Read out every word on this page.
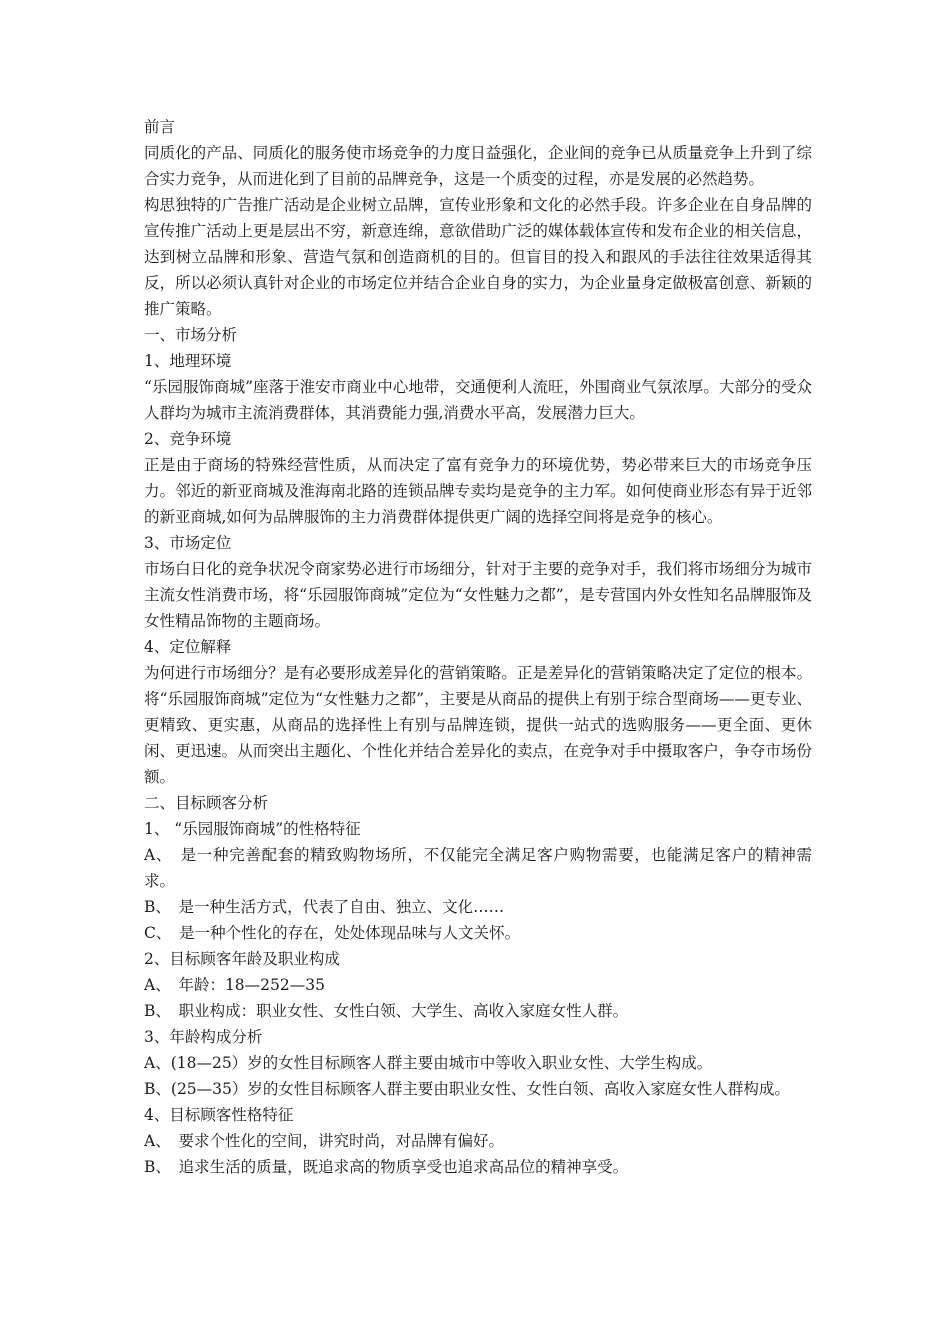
前言

同质化的产品、同质化的服务使市场竞争的力度日益强化，企业间的竞争已从质量竞争上升到了综合实力竞争，从而进化到了目前的品牌竞争，这是一个质变的过程，亦是发展的必然趋势。

构思独特的广告推广活动是企业树立品牌，宣传业形象和文化的必然手段。许多企业在自身品牌的宣传推广活动上更是层出不穷，新意连绵，意欲借助广泛的媒体载体宣传和发布企业的相关信息，达到树立品牌和形象、营造气氛和创造商机的目的。但盲目的投入和跟风的手法往往效果适得其反，所以必须认真针对企业的市场定位并结合企业自身的实力，为企业量身定做极富创意、新颖的推广策略。

一、市场分析

1、地理环境

“乐园服饰商城”座落于淮安市商业中心地带，交通便利人流旺，外围商业气氛浓厚。大部分的受众人群均为城市主流消费群体，其消费能力强,消费水平高，发展潜力巨大。

2、竞争环境

正是由于商场的特殊经营性质，从而决定了富有竞争力的环境优势，势必带来巨大的市场竞争压力。邻近的新亚商城及淮海南北路的连锁品牌专卖均是竞争的主力军。如何使商业形态有异于近邻的新亚商城,如何为品牌服饰的主力消费群体提供更广阔的选择空间将是竞争的核心。

3、市场定位

市场白日化的竞争状况令商家势必进行市场细分，针对于主要的竞争对手，我们将市场细分为城市主流女性消费市场，将“乐园服饰商城”定位为“女性魅力之都”，是专营国内外女性知名品牌服饰及女性精品饰物的主题商场。

4、定位解释

为何进行市场细分？是有必要形成差异化的营销策略。正是差异化的营销策略决定了定位的根本。将“乐园服饰商城”定位为“女性魅力之都”，主要是从商品的提供上有别于综合型商场——更专业、更精致、更实惠，从商品的选择性上有别与品牌连锁，提供一站式的选购服务——更全面、更休闲、更迅速。从而突出主题化、个性化并结合差异化的卖点，在竞争对手中摄取客户，争夺市场份额。

二、目标顾客分析

1、 “乐园服饰商城”的性格特征

A、　是一种完善配套的精致购物场所，不仅能完全满足客户购物需要，也能满足客户的精神需求。

B、　是一种生活方式，代表了自由、独立、文化……

C、　是一种个性化的存在，处处体现品味与人文关怀。

2、目标顾客年龄及职业构成

A、　年龄：18—252—35

B、　职业构成：职业女性、女性白领、大学生、高收入家庭女性人群。

3、年龄构成分析

A、(18—25）岁的女性目标顾客人群主要由城市中等收入职业女性、大学生构成。

B、(25—35）岁的女性目标顾客人群主要由职业女性、女性白领、高收入家庭女性人群构成。

4、目标顾客性格特征

A、　要求个性化的空间，讲究时尚，对品牌有偏好。

B、　追求生活的质量，既追求高的物质享受也追求高品位的精神享受。
